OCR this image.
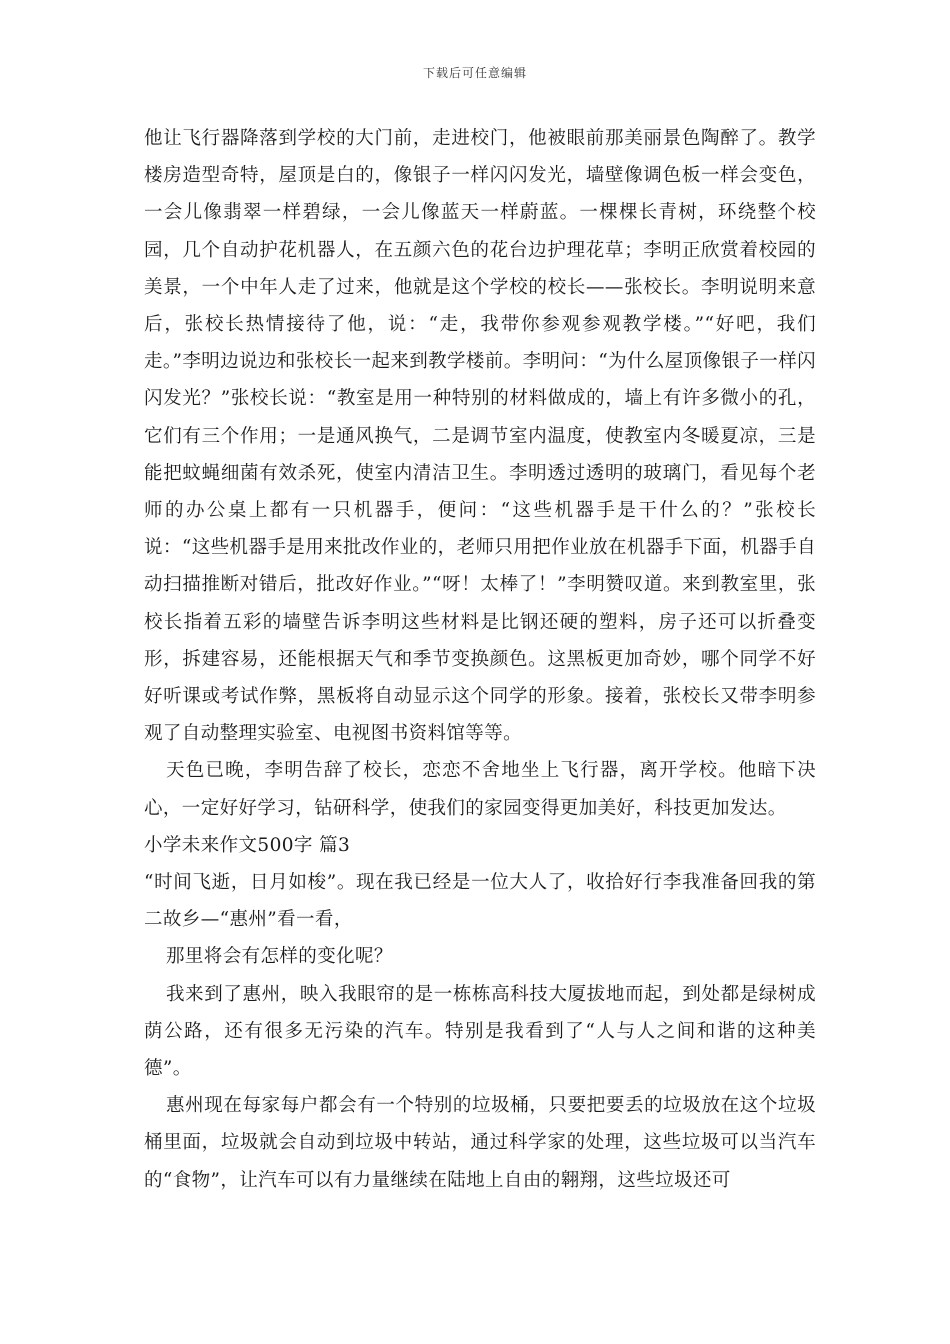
下载后可任意编辑

他让飞行器降落到学校的大门前，走进校门，他被眼前那美丽景色陶醉了。教学楼房造型奇特，屋顶是白的，像银子一样闪闪发光，墙壁像调色板一样会变色，一会儿像翡翠一样碧绿，一会儿像蓝天一样蔚蓝。一棵棵长青树，环绕整个校园，几个自动护花机器人，在五颜六色的花台边护理花草；李明正欣赏着校园的美景，一个中年人走了过来，他就是这个学校的校长——张校长。李明说明来意后，张校长热情接待了他，说：“走，我带你参观参观教学楼。”“好吧，我们走。”李明边说边和张校长一起来到教学楼前。李明问：“为什么屋顶像银子一样闪闪发光？”张校长说：“教室是用一种特别的材料做成的，墙上有许多微小的孔，它们有三个作用；一是通风换气，二是调节室内温度，使教室内冬暖夏凉，三是能把蚊蝇细菌有效杀死，使室内清洁卫生。李明透过透明的玻璃门，看见每个老师的办公桌上都有一只机器手，便问：“这些机器手是干什么的？”张校长说：“这些机器手是用来批改作业的，老师只用把作业放在机器手下面，机器手自动扫描推断对错后，批改好作业。”“呀！太棒了！”李明赞叹道。来到教室里，张校长指着五彩的墙壁告诉李明这些材料是比钢还硬的塑料，房子还可以折叠变形，拆建容易，还能根据天气和季节变换颜色。这黑板更加奇妙，哪个同学不好好听课或考试作弊，黑板将自动显示这个同学的形象。接着，张校长又带李明参观了自动整理实验室、电视图书资料馆等等。

天色已晚，李明告辞了校长，恋恋不舍地坐上飞行器，离开学校。他暗下决心，一定好好学习，钻研科学，使我们的家园变得更加美好，科技更加发达。

小学未来作文500字 篇3

“时间飞逝，日月如梭”。现在我已经是一位大人了，收拾好行李我准备回我的第二故乡—“惠州”看一看，

那里将会有怎样的变化呢？

我来到了惠州，映入我眼帘的是一栋栋高科技大厦拔地而起，到处都是绿树成荫公路，还有很多无污染的汽车。特别是我看到了“人与人之间和谐的这种美德”。

惠州现在每家每户都会有一个特别的垃圾桶，只要把要丢的垃圾放在这个垃圾桶里面，垃圾就会自动到垃圾中转站，通过科学家的处理，这些垃圾可以当汽车的“食物”，让汽车可以有力量继续在陆地上自由的翱翔，这些垃圾还可
